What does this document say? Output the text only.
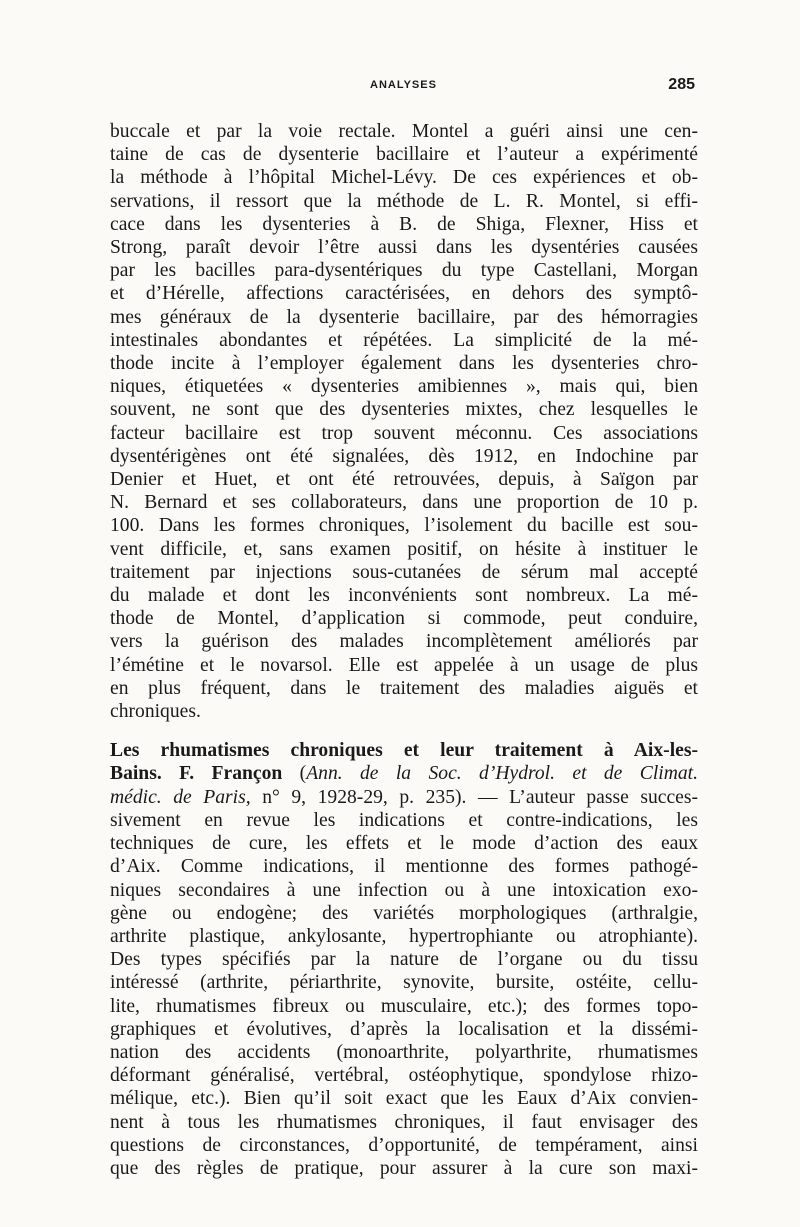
ANALYSES	285
buccale et par la voie rectale. Montel a guéri ainsi une cen-
taine de cas de dysenterie bacillaire et l’auteur a expérimenté
la méthode à l’hôpital Michel-Lévy. De ces expériences et ob-
servations, il ressort que la méthode de L. R. Montel, si effi-
cace dans les dysenteries à B. de Shiga, Flexner, Hiss et
Strong, paraît devoir l’être aussi dans les dysentéries causées
par les bacilles para-dysentériques du type Castellani, Morgan
et d’Hérelle, affections caractérisées, en dehors des symptô-
mes généraux de la dysenterie bacillaire, par des hémorragies
intestinales abondantes et répétées. La simplicité de la mé-
thode incite à l’employer également dans les dysenteries chro-
niques, étiquetées « dysenteries amibiennes », mais qui, bien
souvent, ne sont que des dysenteries mixtes, chez lesquelles le
facteur bacillaire est trop souvent méconnu. Ces associations
dysentérigènes ont été signalées, dès 1912, en Indochine par
Denier et Huet, et ont été retrouvées, depuis, à Saïgon par
N. Bernard et ses collaborateurs, dans une proportion de 10 p.
100. Dans les formes chroniques, l’isolement du bacille est sou-
vent difficile, et, sans examen positif, on hésite à instituer le
traitement par injections sous-cutanées de sérum mal accepté
du malade et dont les inconvénients sont nombreux. La mé-
thode de Montel, d’application si commode, peut conduire,
vers la guérison des malades incomplètement améliorés par
l’émétine et le novarsol. Elle est appelée à un usage de plus
en plus fréquent, dans le traitement des maladies aiguës et
chroniques.
Les rhumatismes chroniques et leur traitement à Aix-les-
Bains. F. Françon (Ann. de la Soc. d’Hydrol. et de Climat.
médic. de Paris, n° 9, 1928-29, p. 235). — L’auteur passe succes-
sivement en revue les indications et contre-indications, les
techniques de cure, les effets et le mode d’action des eaux
d’Aix. Comme indications, il mentionne des formes pathogé-
niques secondaires à une infection ou à une intoxication exo-
gène ou endogène; des variétés morphologiques (arthralgie,
arthrite plastique, ankylosante, hypertrophiante ou atrophiante).
Des types spécifiés par la nature de l’organe ou du tissu
intéressé (arthrite, périarthrite, synovite, bursite, ostéite, cellu-
lite, rhumatismes fibreux ou musculaire, etc.); des formes topo-
graphiques et évolutives, d’après la localisation et la dissémi-
nation des accidents (monoarthrite, polyarthrite, rhumatismes
déformant généralisé, vertébral, ostéophytique, spondylose rhizo-
mélique, etc.). Bien qu’il soit exact que les Eaux d’Aix convien-
nent à tous les rhumatismes chroniques, il faut envisager des
questions de circonstances, d’opportunité, de tempérament, ainsi
que des règles de pratique, pour assurer à la cure son maxi-
